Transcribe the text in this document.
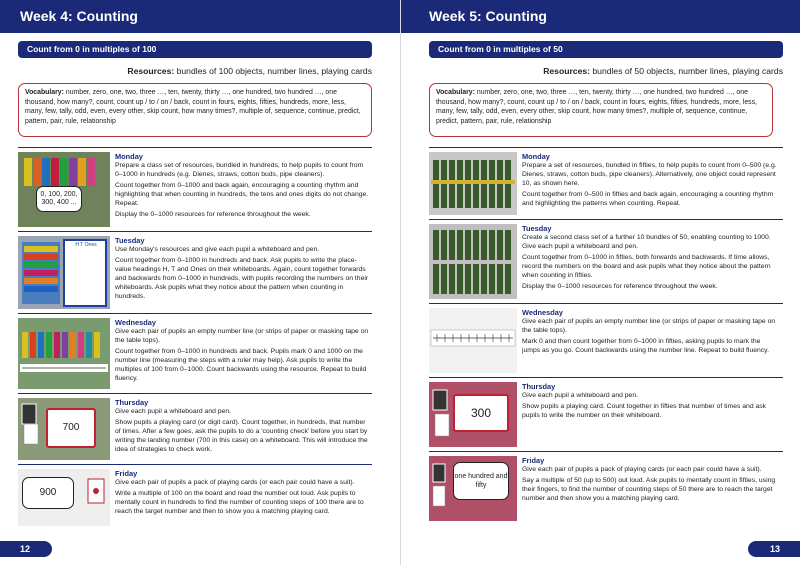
Week 4: Counting
Count from 0 in multiples of 100
Resources: bundles of 100 objects, number lines, playing cards
Vocabulary: number, zero, one, two, three …, ten, twenty, thirty …, one hundred, two hundred …, one thousand, how many?, count, count up / to / on / back, count in fours, eights, fifties, hundreds, more, less, many, few, tally, odd, even, every other, skip count, how many times?, multiple of, sequence, continue, predict, pattern, pair, rule, relationship
0, 100, 200, 300, 400 ...
Monday

Prepare a class set of resources, bundled in hundreds, to help pupils to count from 0–1000 in hundreds (e.g. Dienes, straws, cotton buds, pipe cleaners).

Count together from 0–1000 and back again, encouraging a counting rhythm and highlighting that when counting in hundreds, the tens and ones digits do not change. Repeat.

Display the 0–1000 resources for reference throughout the week.

H T Ones	Tuesday

Use Monday's resources and give each pupil a whiteboard and pen.

Count together from 0–1000 in hundreds and back. Ask pupils to write the place-value headings H, T and Ones on their whiteboards. Again, count together forwards and backwards from 0–1000 in hundreds, with pupils recording the numbers on their whiteboards. Ask pupils what they notice about the pattern when counting in hundreds.

Wednesday

Give each pair of pupils an empty number line (or strips of paper or masking tape on the table tops).

Count together from 0–1000 in hundreds and back. Pupils mark 0 and 1000 on the number line (measuring the steps with a ruler may help). Ask pupils to write the multiples of 100 from 0–1000. Count backwards using the resource. Repeat to build fluency.

700
Thursday

Give each pupil a whiteboard and pen.

Show pupils a playing card (or digit card). Count together, in hundreds, that number of times. After a few goes, ask the pupils to do a 'counting check' before you start by writing the landing number (700 in this case) on a whiteboard. This will introduce the idea of strategies to check work.

900
Friday

Give each pair of pupils a pack of playing cards (or each pair could have a suit).

Write a multiple of 100 on the board and read the number out loud. Ask pupils to mentally count in hundreds to find the number of counting steps of 100 there are to reach the target number and then to show you a matching playing card.

12
Week 5: Counting
Count from 0 in multiples of 50
Resources: bundles of 50 objects, number lines, playing cards
Vocabulary: number, zero, one, two, three …, ten, twenty, thirty …, one hundred, two hundred …, one thousand, how many?, count, count up / to / on / back, count in fours, eights, fifties, hundreds, more, less, many, few, tally, odd, even, every other, skip count, how many times?, multiple of, sequence, continue, predict, pattern, pair, rule, relationship
Monday

Prepare a set of resources, bundled in fifties, to help pupils to count from 0–500 (e.g. Dienes, straws, cotton buds, pipe cleaners). Alternatively, one object could represent 10, as shown here.

Count together from 0–500 in fifties and back again, encouraging a counting rhythm and highlighting the patterns when counting. Repeat.

Tuesday

Create a second class set of a further 10 bundles of 50, enabling counting to 1000. Give each pupil a whiteboard and pen.

Count together from 0–1000 in fifties, both forwards and backwards. If time allows, record the numbers on the board and ask pupils what they notice about the pattern when counting in fifties.

Display the 0–1000 resources for reference throughout the week.

Wednesday

Give each pair of pupils an empty number line (or strips of paper or masking tape on the table tops).

Mark 0 and then count together from 0–1000 in fifties, asking pupils to mark the jumps as you go. Count backwards using the number line. Repeat to build fluency.

300
Thursday

Give each pupil a whiteboard and pen.

Show pupils a playing card. Count together in fifties that number of times and ask pupils to write the number on their whiteboard.

one hundred and fifty
Friday

Give each pair of pupils a pack of playing cards (or each pair could have a suit).

Say a multiple of 50 (up to 500) out loud. Ask pupils to mentally count in fifties, using their fingers, to find the number of counting steps of 50 there are to reach the target number and then show you a matching playing card.

13
